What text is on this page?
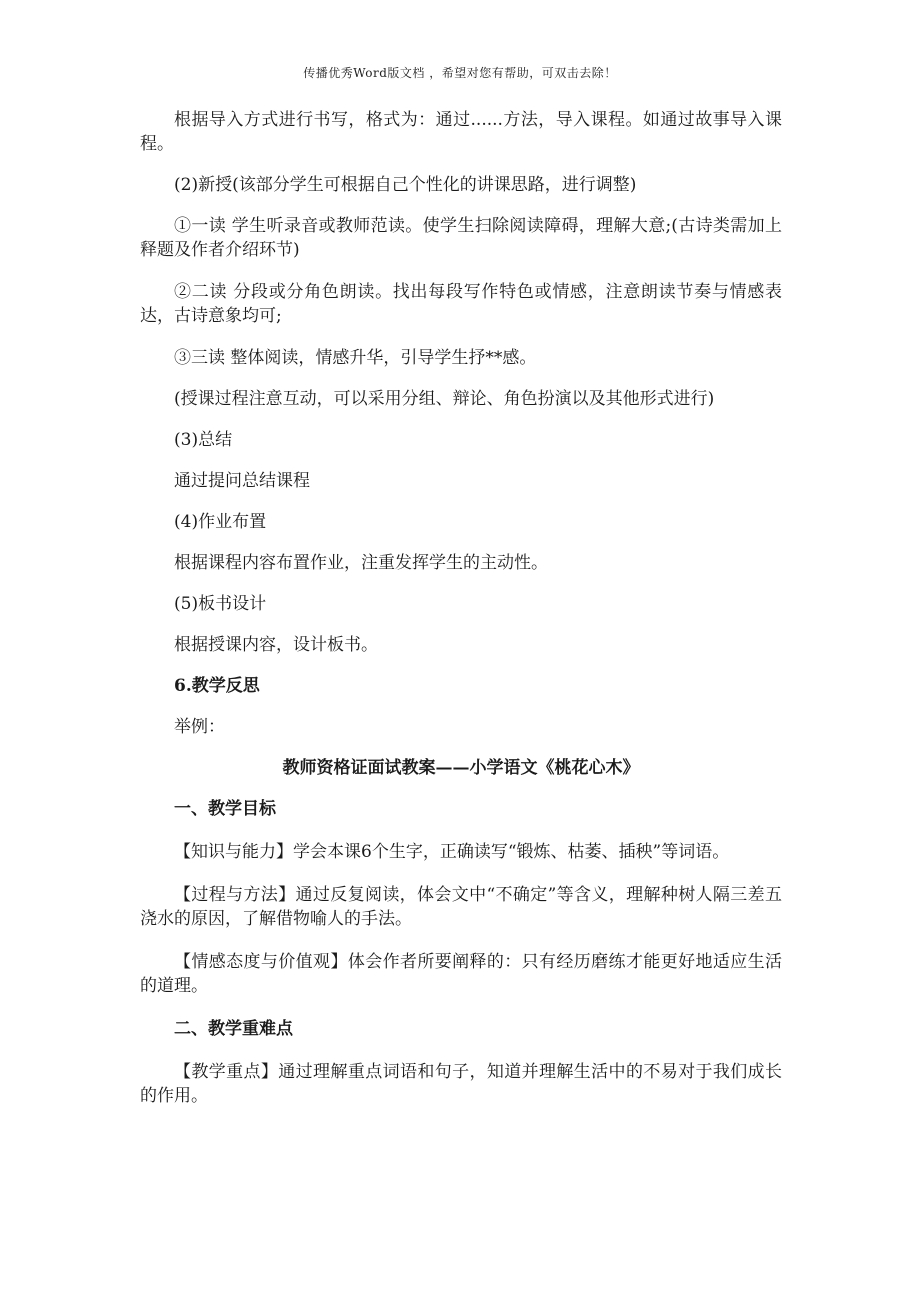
传播优秀Word版文档 ，希望对您有帮助，可双击去除！

根据导入方式进行书写，格式为：通过......方法，导入课程。如通过故事导入课程。

(2)新授(该部分学生可根据自己个性化的讲课思路，进行调整)

①一读 学生听录音或教师范读。使学生扫除阅读障碍，理解大意;(古诗类需加上释题及作者介绍环节)

②二读 分段或分角色朗读。找出每段写作特色或情感，注意朗读节奏与情感表达，古诗意象均可;

③三读 整体阅读，情感升华，引导学生抒**感。

(授课过程注意互动，可以采用分组、辩论、角色扮演以及其他形式进行)

(3)总结

通过提问总结课程

(4)作业布置

根据课程内容布置作业，注重发挥学生的主动性。

(5)板书设计

根据授课内容，设计板书。

6.教学反思

举例：

教师资格证面试教案——小学语文《桃花心木》

一、教学目标

【知识与能力】学会本课6个生字，正确读写“锻炼、枯萎、插秧”等词语。

【过程与方法】通过反复阅读，体会文中“不确定”等含义，理解种树人隔三差五浇水的原因，了解借物喻人的手法。

【情感态度与价值观】体会作者所要阐释的：只有经历磨练才能更好地适应生活的道理。

二、教学重难点

【教学重点】通过理解重点词语和句子，知道并理解生活中的不易对于我们成长的作用。
